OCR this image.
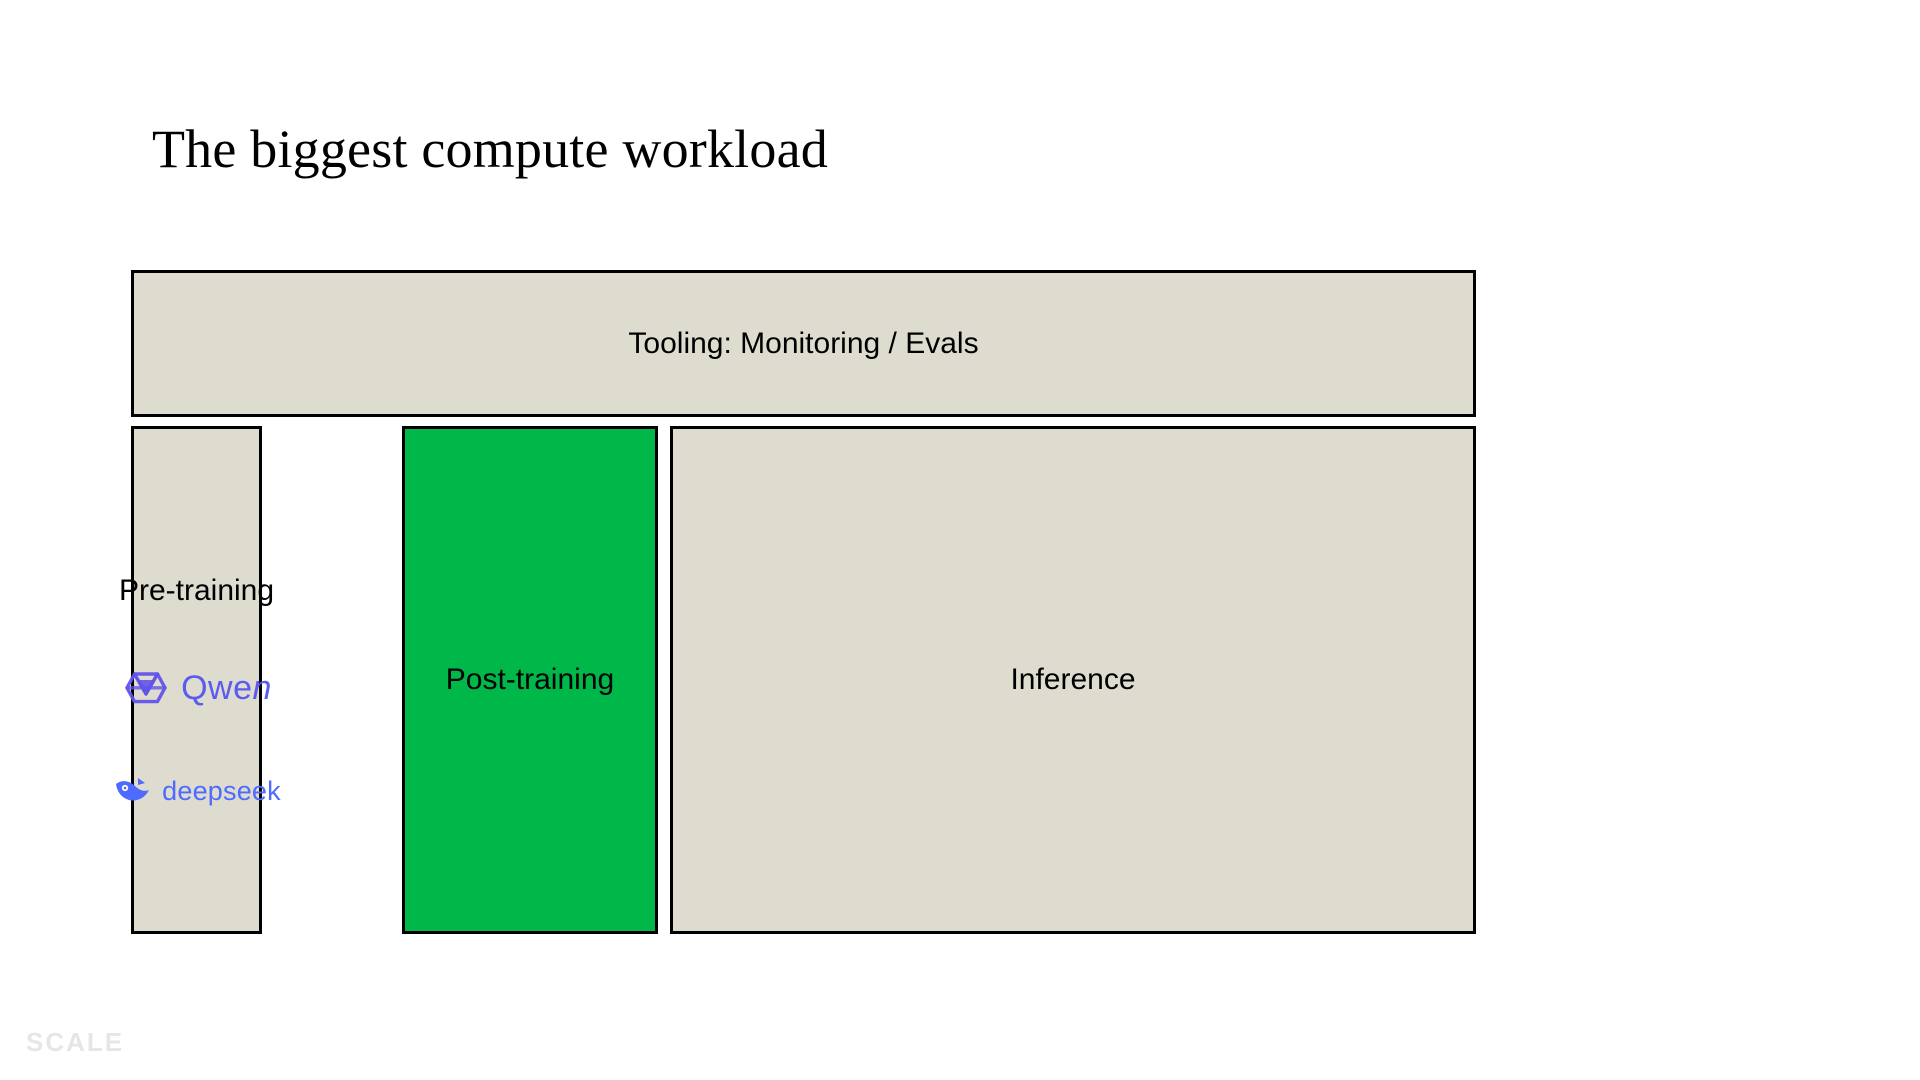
The biggest compute workload
Tooling: Monitoring / Evals
Pre-training
Qwen
deepseek
Post-training	Inference
SCALE
